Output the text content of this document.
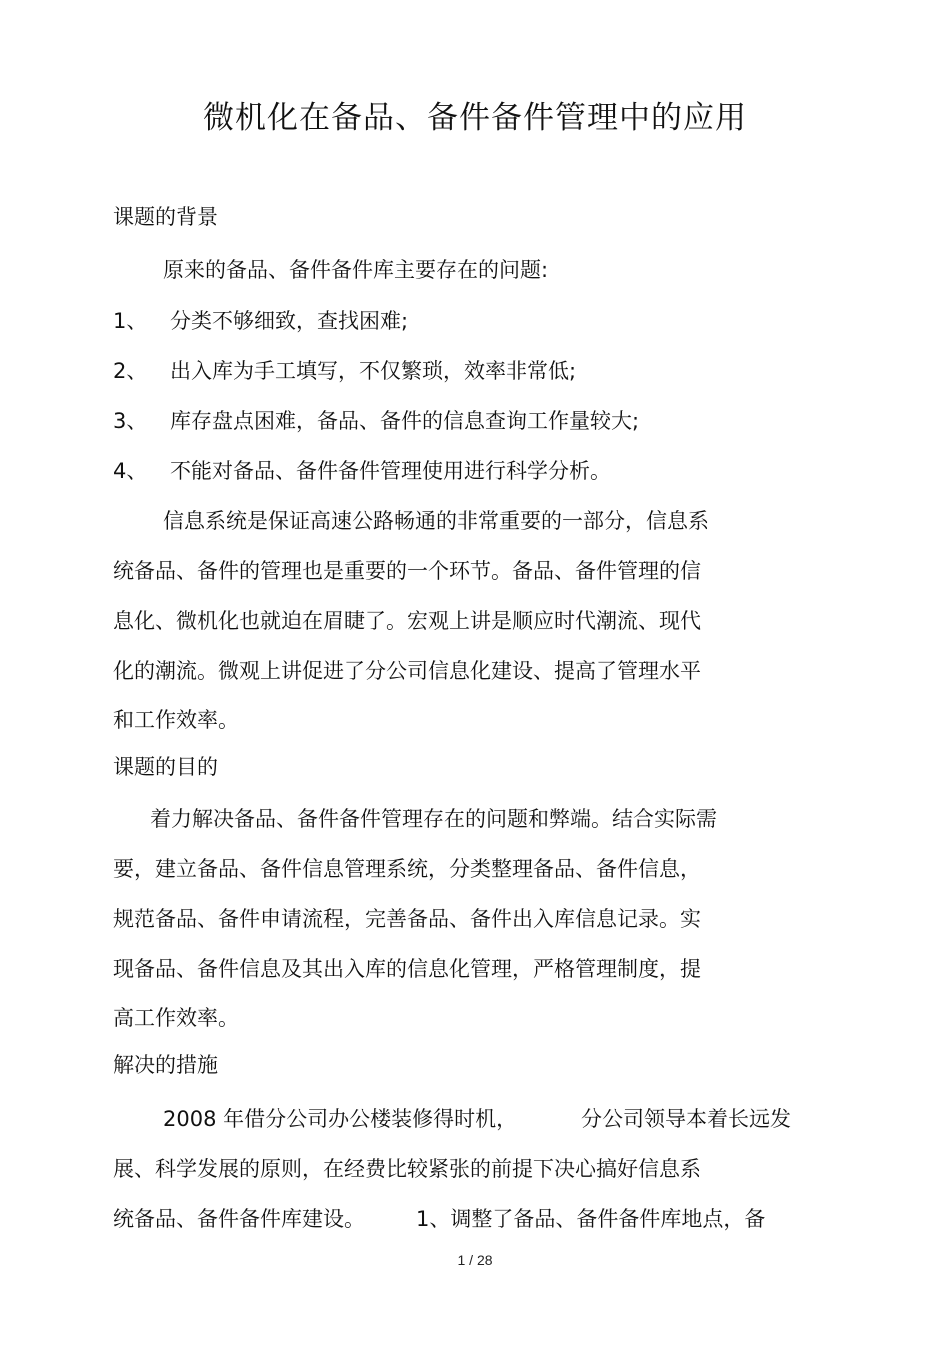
微机化在备品、备件备件管理中的应用
课题的背景
原来的备品、备件备件库主要存在的问题:
1、 分类不够细致，查找困难;
2、 出入库为手工填写，不仅繁琐，效率非常低;
3、 库存盘点困难，备品、备件的信息查询工作量较大;
4、 不能对备品、备件备件管理使用进行科学分析。
信息系统是保证高速公路畅通的非常重要的一部分，信息系
统备品、备件的管理也是重要的一个环节。备品、备件管理的信
息化、微机化也就迫在眉睫了。宏观上讲是顺应时代潮流、现代
化的潮流。微观上讲促进了分公司信息化建设、提高了管理水平
和工作效率。
课题的目的
着力解决备品、备件备件管理存在的问题和弊端。结合实际需
要，建立备品、备件信息管理系统，分类整理备品、备件信息，
规范备品、备件申请流程，完善备品、备件出入库信息记录。实
现备品、备件信息及其出入库的信息化管理，严格管理制度，提
高工作效率。
解决的措施
2008 年借分公司办公楼装修得时机，	分公司领导本着长远发
展、科学发展的原则，在经费比较紧张的前提下决心搞好信息系
统备品、备件备件库建设。 1、调整了备品、备件备件库地点，备
1 / 28
